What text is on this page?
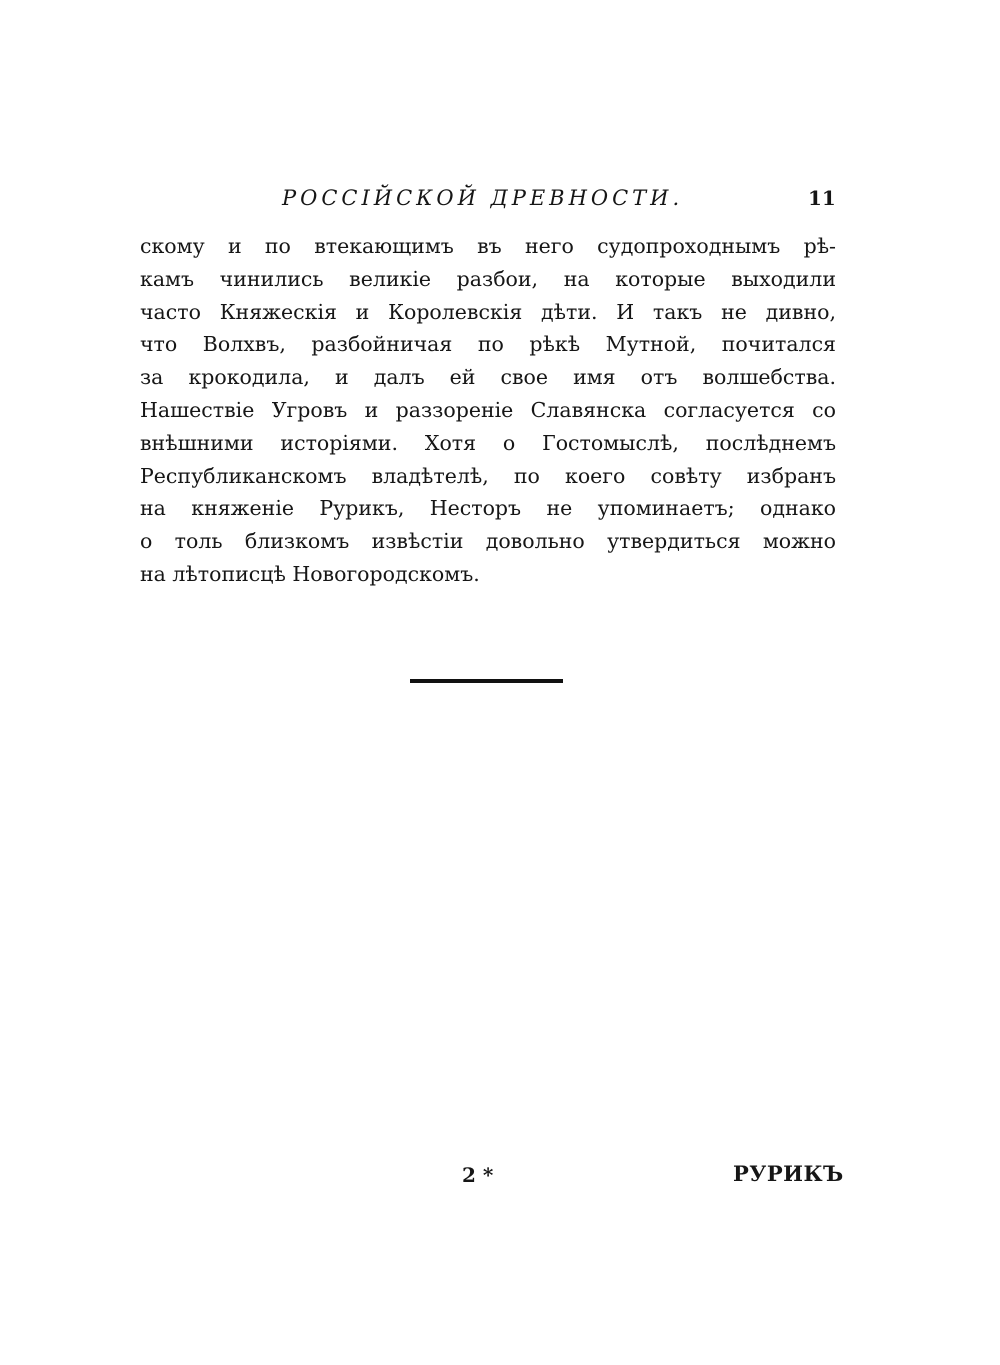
РОССІЙСКОЙ ДРЕВНОСТИ.	11
скому и по втекающимъ въ него судопроходнымъ рѣ-
камъ чинились великіе разбои, на которые выходили
часто Княжескія и Королевскія дѣти. И такъ не дивно,
что Волхвъ, разбойничая по рѣкѣ Мутной, почитался
за крокодила, и далъ ей свое имя отъ волшебства.
Нашествіе Угровъ и раззореніе Славянска согласуется со
внѣшними исторіями. Хотя о Гостомыслѣ, послѣднемъ
Республиканскомъ владѣтелѣ, по коего совѣту избранъ
на княженіе Рурикъ, Несторъ не упоминаетъ; однако
о толь близкомъ извѣстіи довольно утвердиться можно
на лѣтописцѣ Новогородскомъ.
2 *	РУРИКЪ
